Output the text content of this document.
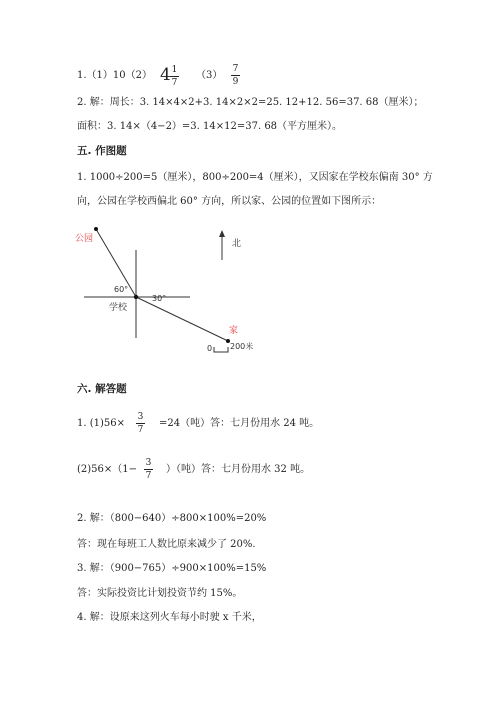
1.（1）10（2） 4 1
7
（3）
7
9
2. 解：周长：3. 14×4×2+3. 14×2×2=25. 12+12. 56=37. 68（厘米）；
面积：3. 14×（4−2）=3. 14×12=37. 68（平方厘米）。
五. 作图题
1. 1000÷200=5（厘米），800÷200=4（厘米），又因家在学校东偏南 30° 方
向，公园在学校西偏北 60° 方向，所以家、公园的位置如下图所示：
公园	北
60°
30°
学校
家
0 200米
六. 解答题
1. (1)56×
3
7
=24（吨）答：七月份用水 24 吨。
(2)56×（1−
3
7
）（吨）答：七月份用水 32 吨。
2. 解：（800−640）÷800×100%=20%
答：现在每班工人数比原来减少了 20%.
3. 解：（900−765）÷900×100%=15%
答：实际投资比计划投资节约 15%。
4. 解：设原来这列火车每小时驶 x 千米，
